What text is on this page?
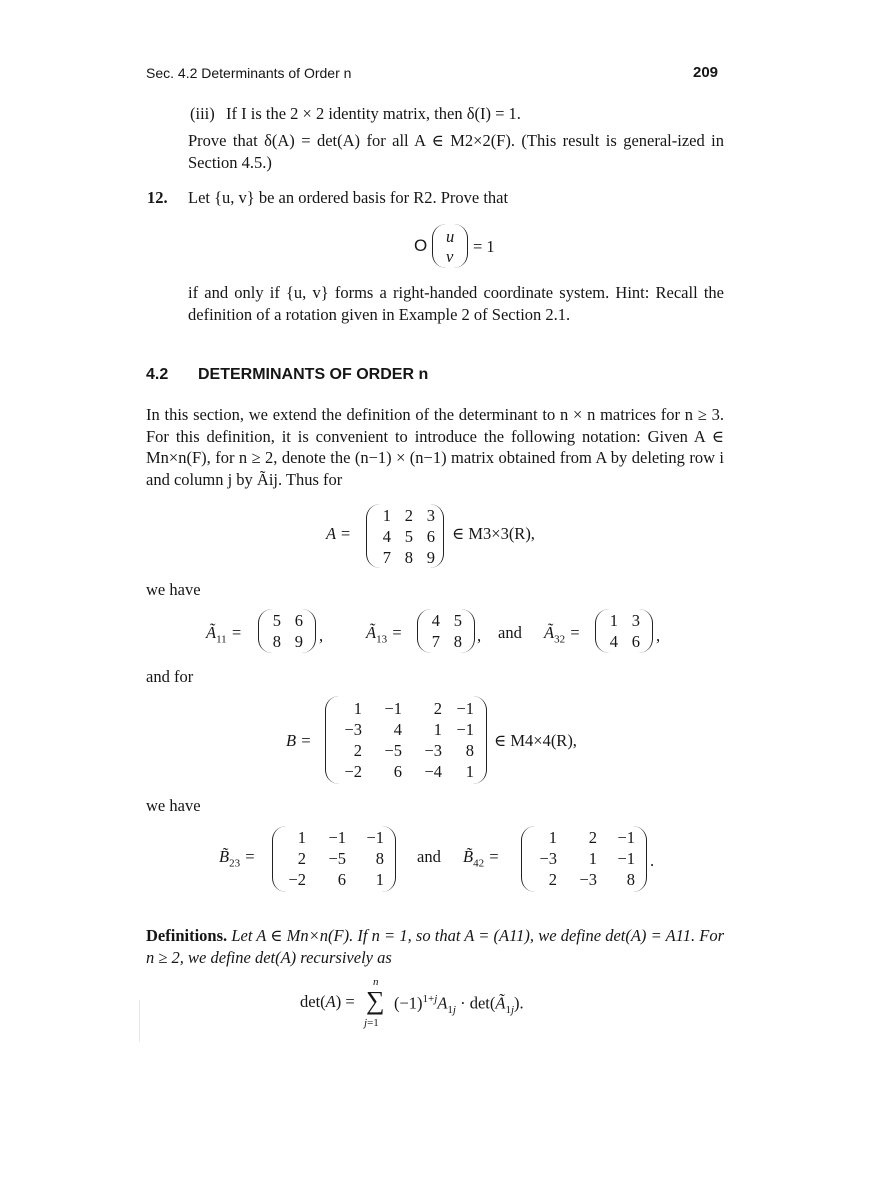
Sec. 4.2 Determinants of Order n	209
(iii) If I is the 2 × 2 identity matrix, then δ(I) = 1.
Prove that δ(A) = det(A) for all A ∈ M2×2(F). (This result is general-ized in Section 4.5.)
12. Let {u, v} be an ordered basis for R2. Prove that
O u
v
= 1
if and only if {u, v} forms a right-handed coordinate system. Hint: Recall the definition of a rotation given in Example 2 of Section 2.1.
4.2 DETERMINANTS OF ORDER n
In this section, we extend the definition of the determinant to n × n matrices for n ≥ 3. For this definition, it is convenient to introduce the following notation: Given A ∈ Mn×n(F), for n ≥ 2, denote the (n−1) × (n−1) matrix obtained from A by deleting row i and column j by Ãij. Thus for
A =
1 2 3
4 5 6
7 8 9
∈ M3×3(R),
we have
$Ã_{11}$ =
5 6
8 9 ,	$Ã_{13}$ =
4 5
7 8 , and $Ã_{32}$ =
1 3
4 6 ,
and for
B =
1	−1	2 −1
−3	4	1 −1
2	−5	−3	8
−2	6	−4	1
∈ M4×4(R),
we have
$B̃_{23}$ =
1	−1	−1
2	−5	8
−2	6	1
and $B̃_{42}$ =
1	2	−1
−3	1	−1
2	−3	8
.
Definitions. Let A ∈ Mn×n(F). If n = 1, so that A = (A11), we define det(A) = A11. For n ≥ 2, we define det(A) recursively as
det(A) =
n
∑
j=1
$(-1)^{1+j}A_{1j}$ · $\det(Ã_{1j})$.
